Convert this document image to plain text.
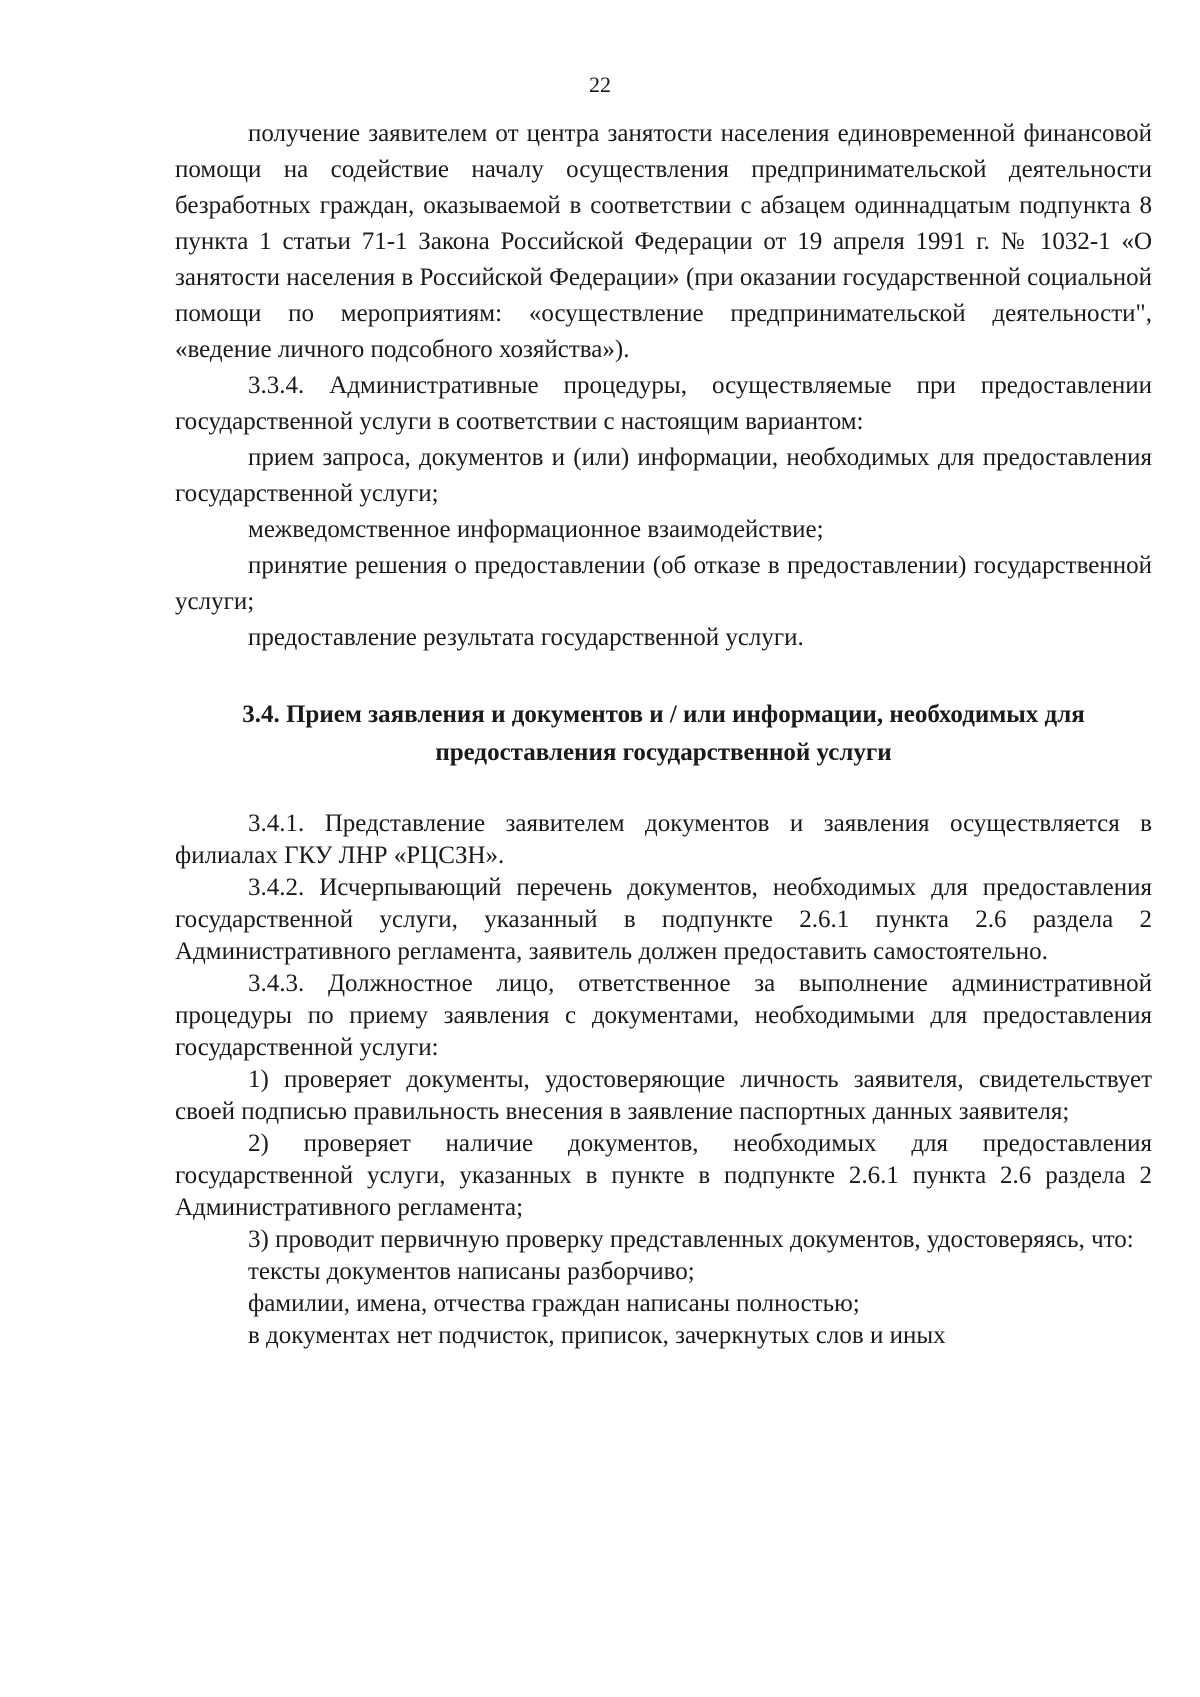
22

получение заявителем от центра занятости населения единовременной финансовой помощи на содействие началу осуществления предпринимательской деятельности безработных граждан, оказываемой в соответствии с абзацем одиннадцатым подпункта 8 пункта 1 статьи 71-1 Закона Российской Федерации от 19 апреля 1991 г. № 1032-1 «О занятости населения в Российской Федерации» (при оказании государственной социальной помощи по мероприятиям: «осуществление предпринимательской деятельности", «ведение личного подсобного хозяйства»).

3.3.4. Административные процедуры, осуществляемые при предоставлении государственной услуги в соответствии с настоящим вариантом:

прием запроса, документов и (или) информации, необходимых для предоставления государственной услуги;

межведомственное информационное взаимодействие;

принятие решения о предоставлении (об отказе в предоставлении) государственной услуги;

предоставление результата государственной услуги.

3.4. Прием заявления и документов и / или информации, необходимых для предоставления государственной услуги

3.4.1. Представление заявителем документов и заявления осуществляется в филиалах ГКУ ЛНР «РЦСЗН».

3.4.2. Исчерпывающий перечень документов, необходимых для предоставления государственной услуги, указанный в подпункте 2.6.1 пункта 2.6 раздела 2 Административного регламента, заявитель должен предоставить самостоятельно.

3.4.3. Должностное лицо, ответственное за выполнение административной процедуры по приему заявления с документами, необходимыми для предоставления государственной услуги:

1) проверяет документы, удостоверяющие личность заявителя, свидетельствует своей подписью правильность внесения в заявление паспортных данных заявителя;

2) проверяет наличие документов, необходимых для предоставления государственной услуги, указанных в пункте в подпункте 2.6.1 пункта 2.6 раздела 2 Административного регламента;

3) проводит первичную проверку представленных документов, удостоверяясь, что:

тексты документов написаны разборчиво;

фамилии, имена, отчества граждан написаны полностью;

в документах нет подчисток, приписок, зачеркнутых слов и иных
